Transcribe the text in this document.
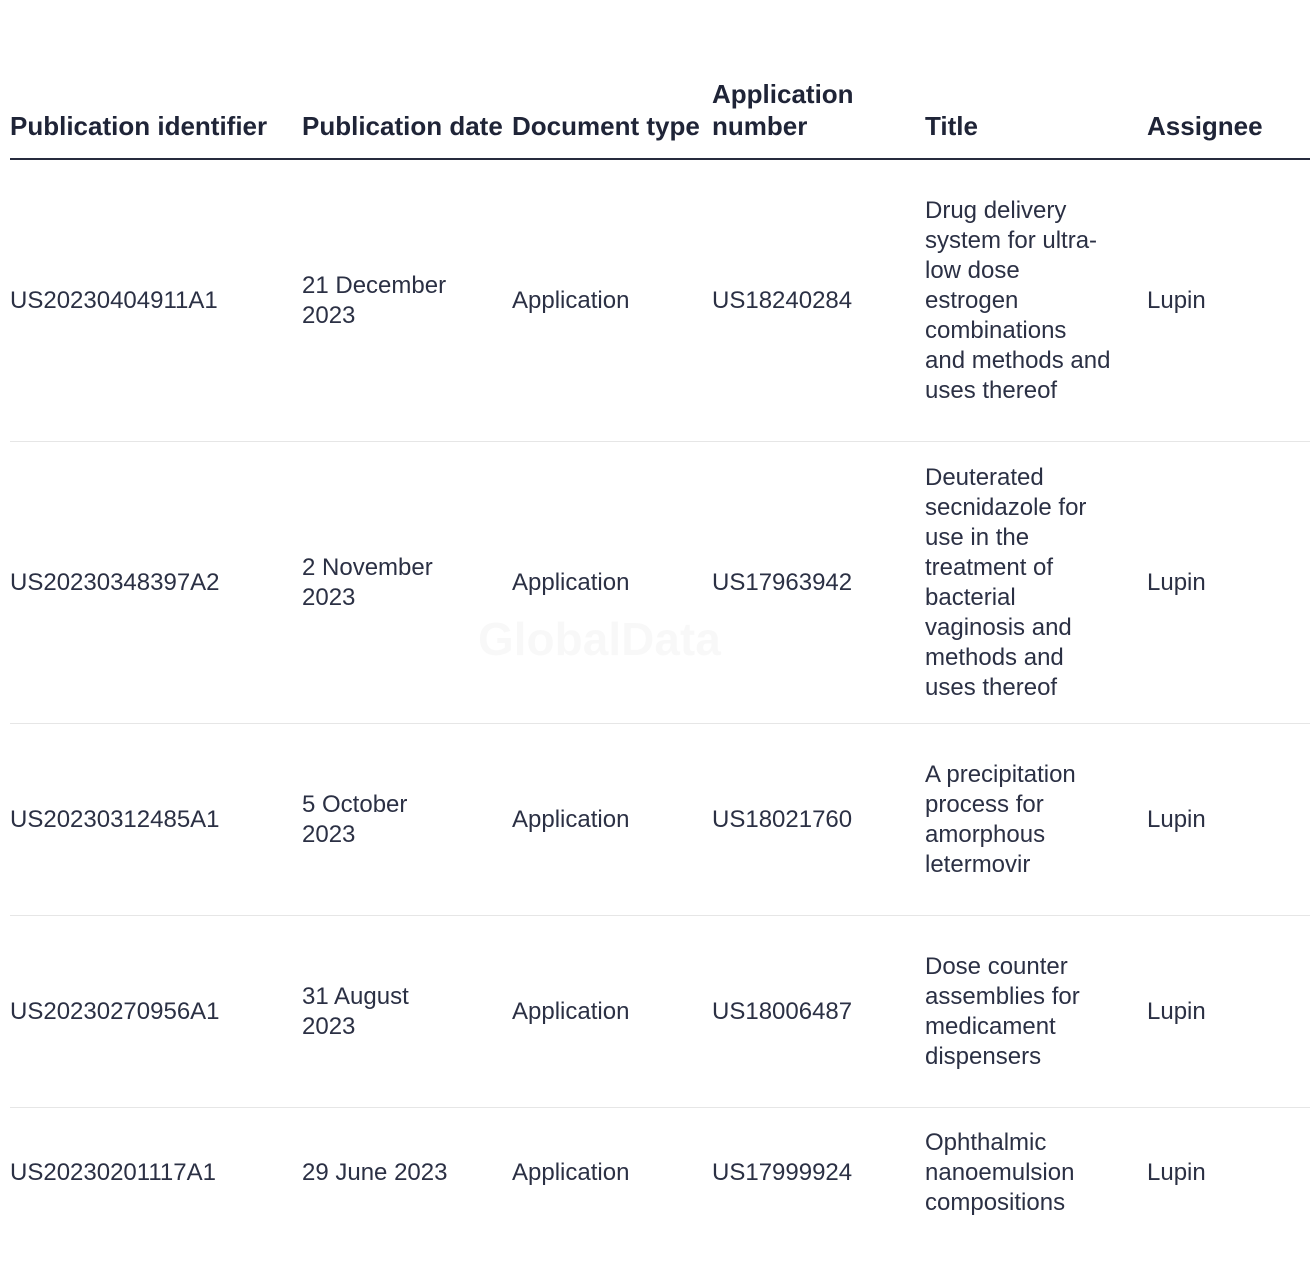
Publication identifier	Publication date	Document type	Application number	Title	Assignee
US20230404911A1	21 December 2023	Application	US18240284	Drug delivery system for ultra-low dose estrogen combinations and methods and uses thereof	Lupin
US20230348397A2	2 November 2023	Application	US17963942	Deuterated secnidazole for use in the treatment of bacterial vaginosis and methods and uses thereof	Lupin
US20230312485A1	5 October 2023	Application	US18021760	A precipitation process for amorphous letermovir	Lupin
US20230270956A1	31 August 2023	Application	US18006487	Dose counter assemblies for medicament dispensers	Lupin
US20230201117A1	29 June 2023	Application	US17999924	Ophthalmic nanoemulsion compositions	Lupin
